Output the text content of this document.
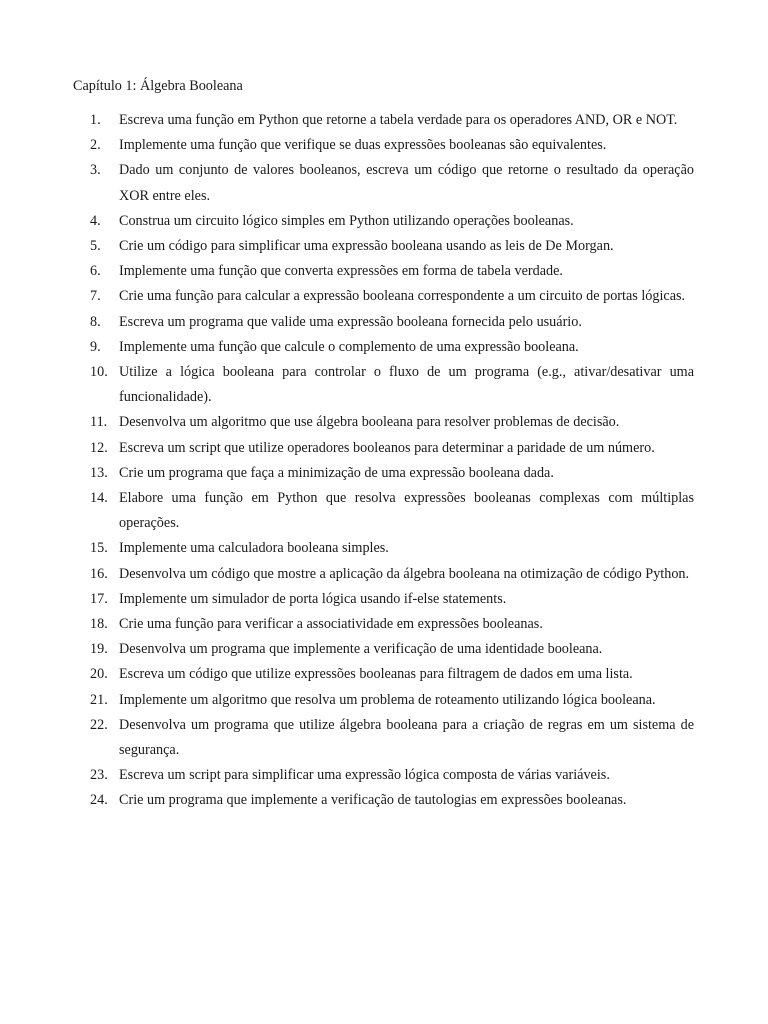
Capítulo 1: Álgebra Booleana
1.	Escreva uma função em Python que retorne a tabela verdade para os operadores AND, OR e NOT.
2.	Implemente uma função que verifique se duas expressões booleanas são equivalentes.
3.	Dado um conjunto de valores booleanos, escreva um código que retorne o resultado da operação XOR entre eles.
4.	Construa um circuito lógico simples em Python utilizando operações booleanas.
5.	Crie um código para simplificar uma expressão booleana usando as leis de De Morgan.
6.	Implemente uma função que converta expressões em forma de tabela verdade.
7.	Crie uma função para calcular a expressão booleana correspondente a um circuito de portas lógicas.
8.	Escreva um programa que valide uma expressão booleana fornecida pelo usuário.
9.	Implemente uma função que calcule o complemento de uma expressão booleana.
10. Utilize a lógica booleana para controlar o fluxo de um programa (e.g., ativar/desativar uma funcionalidade).
11. Desenvolva um algoritmo que use álgebra booleana para resolver problemas de decisão.
12. Escreva um script que utilize operadores booleanos para determinar a paridade de um número.
13. Crie um programa que faça a minimização de uma expressão booleana dada.
14. Elabore uma função em Python que resolva expressões booleanas complexas com múltiplas operações.
15. Implemente uma calculadora booleana simples.
16. Desenvolva um código que mostre a aplicação da álgebra booleana na otimização de código Python.
17. Implemente um simulador de porta lógica usando if-else statements.
18. Crie uma função para verificar a associatividade em expressões booleanas.
19. Desenvolva um programa que implemente a verificação de uma identidade booleana.
20. Escreva um código que utilize expressões booleanas para filtragem de dados em uma lista.
21. Implemente um algoritmo que resolva um problema de roteamento utilizando lógica booleana.
22. Desenvolva um programa que utilize álgebra booleana para a criação de regras em um sistema de segurança.
23. Escreva um script para simplificar uma expressão lógica composta de várias variáveis.
24. Crie um programa que implemente a verificação de tautologias em expressões booleanas.
